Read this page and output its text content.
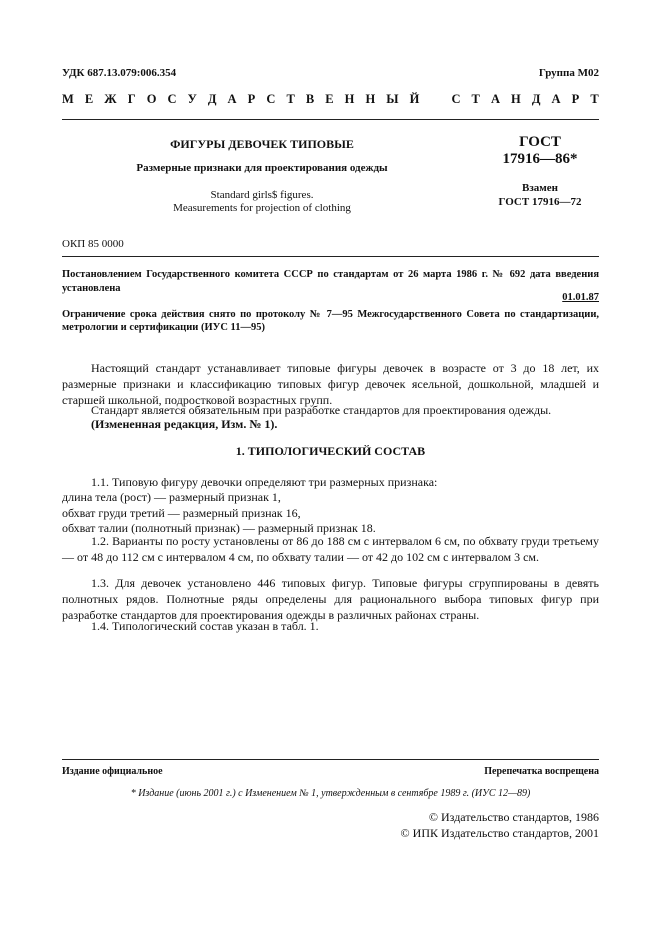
УДК 687.13.079:006.354	Группа М02
М Е Ж Г О С У Д А Р С Т В Е Н Н Ы Й	С Т А Н Д А Р Т
ФИГУРЫ ДЕВОЧЕК ТИПОВЫЕ
Размерные признаки для проектирования одежды
Standard girls$ figures.
Measurements for projection of clothing
ГОСТ
17916—86*
Взамен
ГОСТ 17916—72
ОКП 85 0000
Постановлением Государственного комитета СССР по стандартам от 26 марта 1986 г. № 692 дата введения установлена
01.01.87
Ограничение срока действия снято по протоколу № 7—95 Межгосударственного Совета по стандартизации, метрологии и сертификации (ИУС 11—95)
Настоящий стандарт устанавливает типовые фигуры девочек в возрасте от 3 до 18 лет, их размерные признаки и классификацию типовых фигур девочек ясельной, дошкольной, младшей и старшей школьной, подростковой возрастных групп.
Стандарт является обязательным при разработке стандартов для проектирования одежды.
(Измененная редакция, Изм. № 1).
1. ТИПОЛОГИЧЕСКИЙ СОСТАВ
1.1. Типовую фигуру девочки определяют три размерных признака:
длина тела (рост) — размерный признак 1,
обхват груди третий — размерный признак 16,
обхват талии (полнотный признак) — размерный признак 18.
1.2. Варианты по росту установлены от 86 до 188 см с интервалом 6 см, по обхвату груди третьему — от 48 до 112 см с интервалом 4 см, по обхвату талии — от 42 до 102 см с интервалом 3 см.
1.3. Для девочек установлено 446 типовых фигур. Типовые фигуры сгруппированы в девять полнотных рядов. Полнотные ряды определены для рационального выбора типовых фигур при разработке стандартов для проектирования одежды в различных районах страны.
1.4. Типологический состав указан в табл. 1.
Издание официальное	Перепечатка воспрещена
* Издание (июнь 2001 г.) с Изменением № 1, утвержденным в сентябре 1989 г. (ИУС 12—89)
© Издательство стандартов, 1986
© ИПК Издательство стандартов, 2001
